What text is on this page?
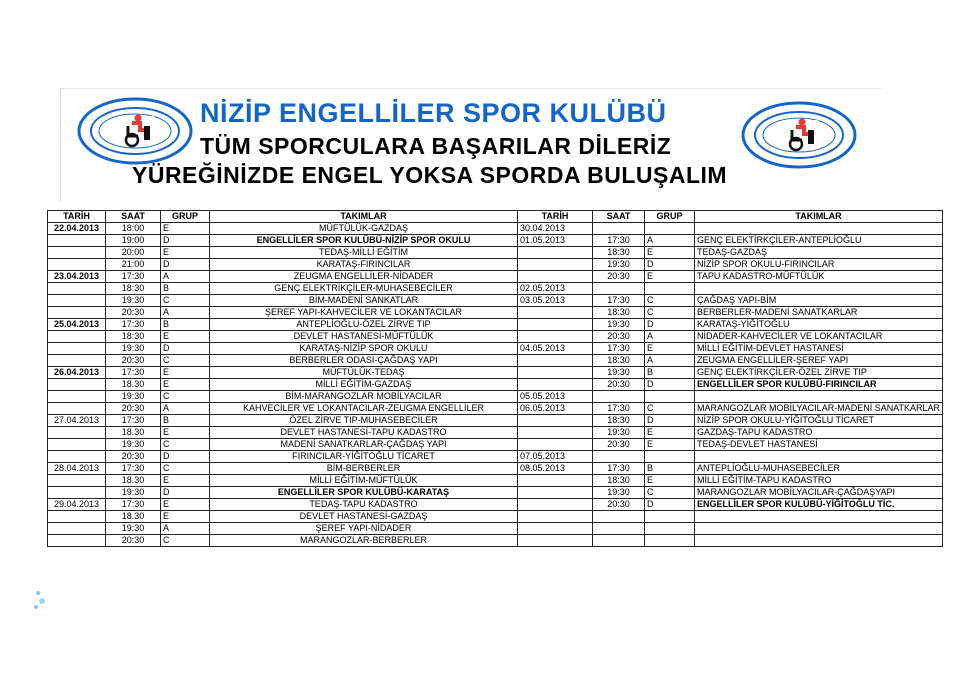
NİZİP ENGELLİLER SPOR KULÜBÜ
TÜM SPORCULARA BAŞARILAR DİLERİZ
YÜREĞİNİZDE ENGEL YOKSA SPORDA BULUŞALIM
TARİH	SAAT	GRUP	TAKIMLAR	TARİH	SAAT	GRUP	TAKIMLAR
22.04.2013	18:00	E	MÜFTÜLÜK-GAZDAŞ	30.04.2013			
	19:00	D	ENGELLİLER SPOR KULÜBÜ-NİZİP SPOR OKULU	01.05.2013	17:30	A	GENÇ ELEKTİRKÇİLER-ANTEPLİOĞLU
	20:00	E	TEDAŞ-MİLLİ EĞİTİM		18:30	E	TEDAŞ-GAZDAŞ
	21:00	D	KARATAŞ-FIRINCILAR		19:30	D	NİZİP SPOR OKULU-FIRINCILAR
23.04.2013	17:30	A	ZEUGMA ENGELLİLER-NİDADER		20:30	E	TAPU KADASTRO-MÜFTÜLÜK
	18:30	B	GENÇ ELEKTRİKÇİLER-MUHASEBECİLER	02.05.2013			
	19:30	C	BİM-MADENİ SANKATLAR	03.05.2013	17:30	C	ÇAĞDAŞ YAPI-BİM
	20:30	A	ŞEREF YAPI-KAHVECİLER VE LOKANTACILAR		18:30	C	BERBERLER-MADENİ SANATKARLAR
25.04.2013	17:30	B	ANTEPLİOĞLU-ÖZEL ZİRVE TIP		19:30	D	KARATAŞ-YİĞİTOĞLU
	18:30	E	DEVLET HASTANESİ-MÜFTÜLÜK		20:30	A	NİDADER-KAHVECİLER VE LOKANTACILAR
	19:30	D	KARATAŞ-NİZİP SPOR OKULU	04.05.2013	17:30	E	MİLLİ EĞİTİM-DEVLET HASTANESİ
	20:30	C	BERBERLER ODASI-ÇAĞDAŞ YAPI		18:30	A	ZEUGMA ENGELLİLER-ŞEREF YAPI
26.04.2013	17:30	E	MÜFTÜLÜK-TEDAŞ		19:30	B	GENÇ ELEKTİRKÇİLER-ÖZEL ZİRVE TIP
	18.30	E	MİLLİ EĞİTİM-GAZDAŞ		20:30	D	ENGELLİLER SPOR KULÜBÜ-FIRINCILAR
	19:30	C	BİM-MARANGOZLAR MOBİLYACILAR	05.05.2013			
	20:30	A	KAHVECİLER VE LOKANTACILAR-ZEUGMA ENGELLİLER	06.05.2013	17:30	C	MARANGOZLAR MOBİLYACILAR-MADENİ SANATKARLAR
27.04.2013	17:30	B	ÖZEL ZİRVE TIP-MUHASEBECİLER		18:30	D	NİZİP SPOR OKULU-YİĞİTOĞLU TİCARET
	18.30	E	DEVLET HASTANESİ-TAPU KADASTRO		19:30	E	GAZDAŞ-TAPU KADASTRO
	19:30	C	MADENİ SANATKARLAR-ÇAĞDAŞ YAPI		20:30	E	TEDAŞ-DEVLET HASTANESİ
	20:30	D	FIRINCILAR-YİĞİTOĞLU TİCARET	07.05.2013			
28.04.2013	17:30	C	BİM-BERBERLER	08.05.2013	17:30	B	ANTEPLİOĞLU-MUHASEBECİLER
	18.30	E	MİLLİ EĞİTİM-MÜFTÜLÜK		18:30	E	MİLLİ EĞİTİM-TAPU KADASTRO
	19:30	D	ENGELLİLER SPOR KULÜBÜ-KARATAŞ		19:30	C	MARANGOZLAR MOBİLYACILAR-ÇAĞDAŞYAPI
29.04.2013	17:30	E	TEDAŞ-TAPU KADASTRO		20:30	D	ENGELLİLER SPOR KULÜBÜ-YİĞİTOĞLU TİC.
	18.30	E	DEVLET HASTANESİ-GAZDAŞ				
	19:30	A	ŞEREF YAPI-NİDADER				
	20:30	C	MARANGOZLAR-BERBERLER				
